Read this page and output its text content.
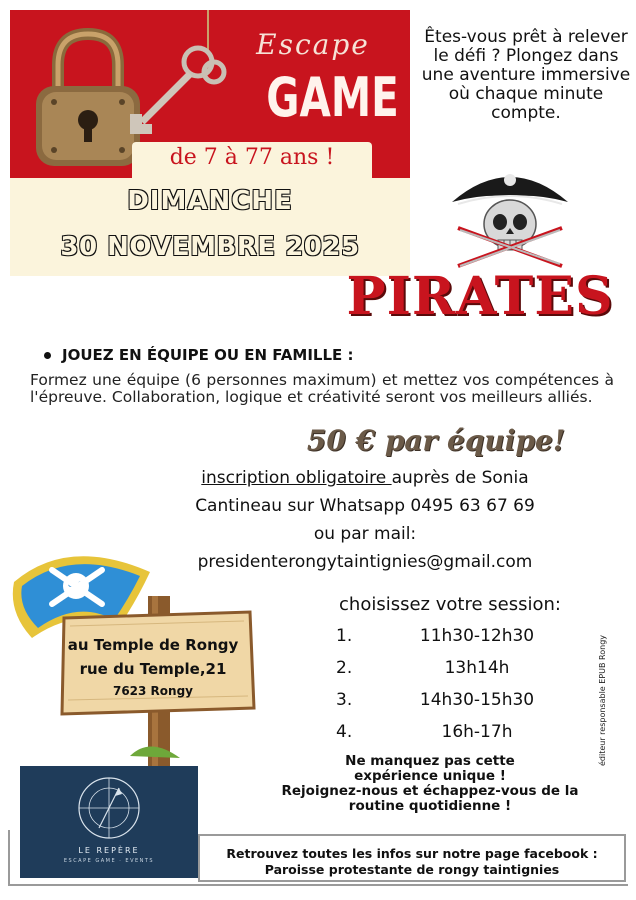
Escape
GAME
de 7 à 77 ans !
DIMANCHE
30 NOVEMBRE 2025
Êtes-vous prêt à relever le défi ? Plongez dans une aventure immersive où chaque minute compte.
PIRATES
JOUEZ EN ÉQUIPE OU EN FAMILLE :
Formez une équipe (6 personnes maximum) et mettez vos compétences à l'épreuve. Collaboration, logique et créativité seront vos meilleurs alliés.
50 € par équipe!
inscription obligatoire auprès de Sonia
Cantineau sur Whatsapp 0495 63 67 69
ou par mail:
presidenterongytaintignies@gmail.com
au Temple de Rongy
rue du Temple,21
7623 Rongy
choisissez votre session:
1.	11h30-12h30
2.	13h14h
3.	14h30-15h30
4.	16h-17h	éditeur responsable EPUB Rongy
Ne manquez pas cette
expérience unique !
Rejoignez-nous et échappez-vous de la
routine quotidienne !
LE REPÈRE
ESCAPE GAME · EVENTS	Retrouvez toutes les infos sur notre page facebook :
Paroisse protestante de rongy taintignies
